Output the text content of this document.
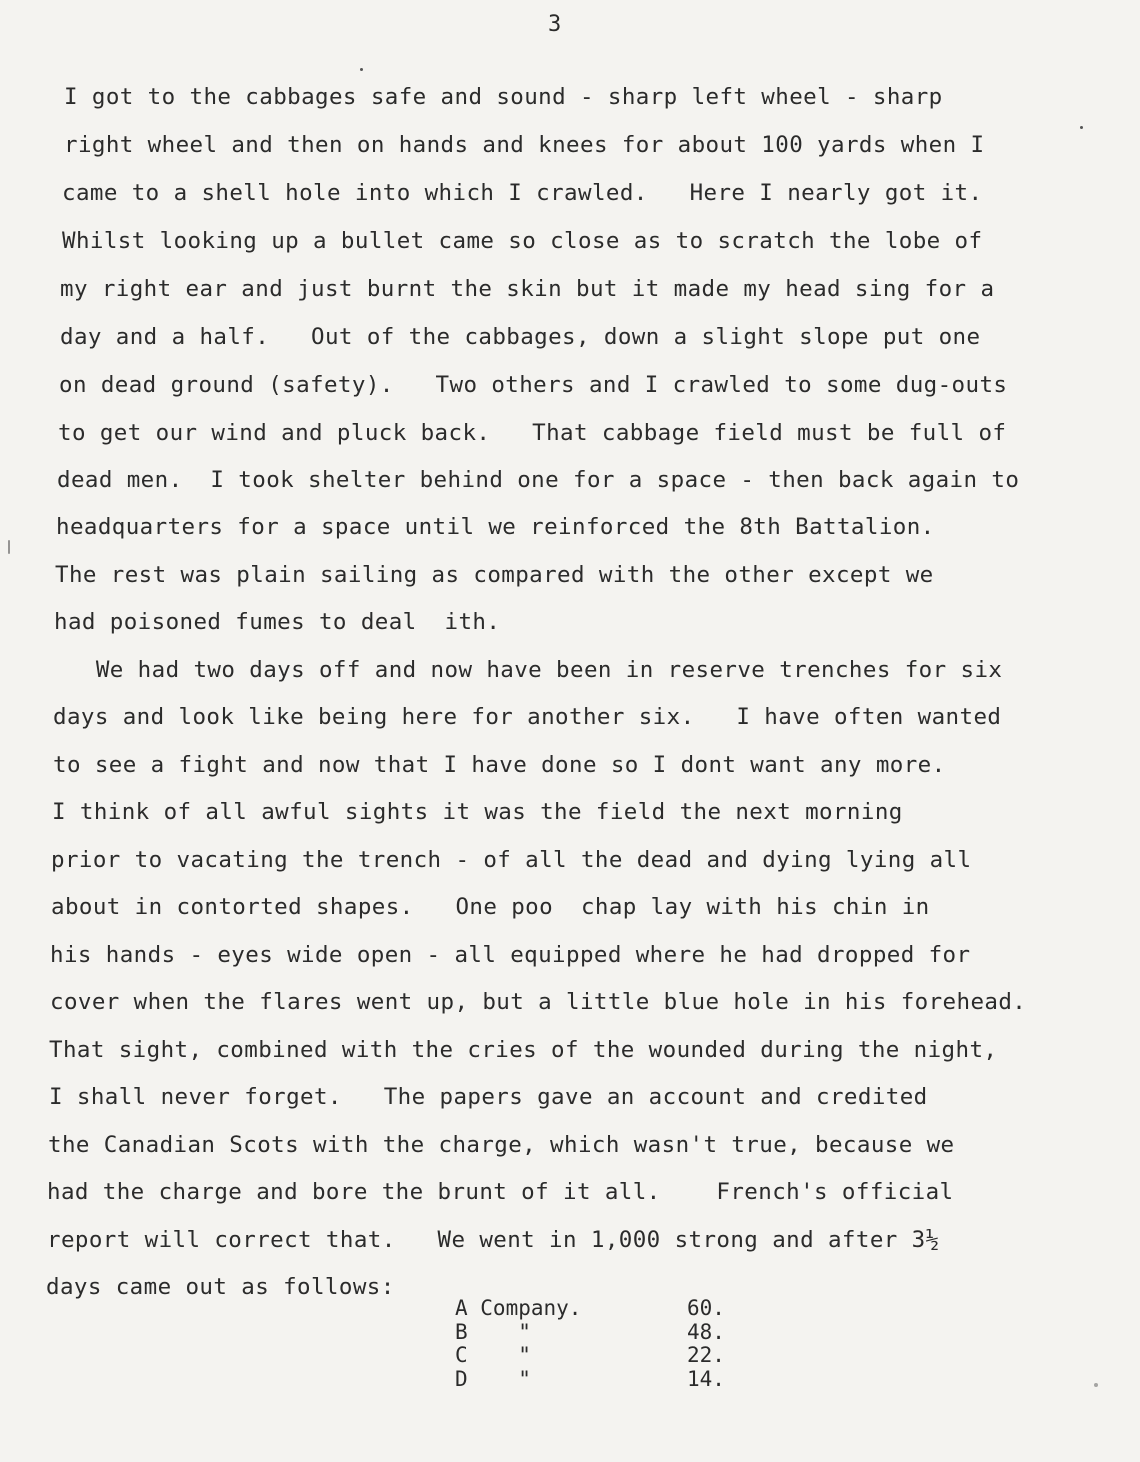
3
I got to the cabbages safe and sound - sharp left wheel - sharp
right wheel and then on hands and knees for about 100 yards when I
came to a shell hole into which I crawled.   Here I nearly got it.
Whilst looking up a bullet came so close as to scratch the lobe of
my right ear and just burnt the skin but it made my head sing for a
day and a half.   Out of the cabbages, down a slight slope put one
on dead ground (safety).   Two others and I crawled to some dug-outs
to get our wind and pluck back.   That cabbage field must be full of
dead men.  I took shelter behind one for a space - then back again to
headquarters for a space until we reinforced the 8th Battalion.
The rest was plain sailing as compared with the other except we
had poisoned fumes to deal  ith.
We had two days off and now have been in reserve trenches for six
days and look like being here for another six.   I have often wanted
to see a fight and now that I have done so I dont want any more.
I think of all awful sights it was the field the next morning
prior to vacating the trench - of all the dead and dying lying all
about in contorted shapes.   One poo  chap lay with his chin in
his hands - eyes wide open - all equipped where he had dropped for
cover when the flares went up, but a little blue hole in his forehead.
That sight, combined with the cries of the wounded during the night,
I shall never forget.   The papers gave an account and credited
the Canadian Scots with the charge, which wasn't true, because we
had the charge and bore the brunt of it all.    French's official
report will correct that.   We went in 1,000 strong and after 3½
days came out as follows:
A Company.	60.
B    "	48.
C    "	22.
D    "	14.
